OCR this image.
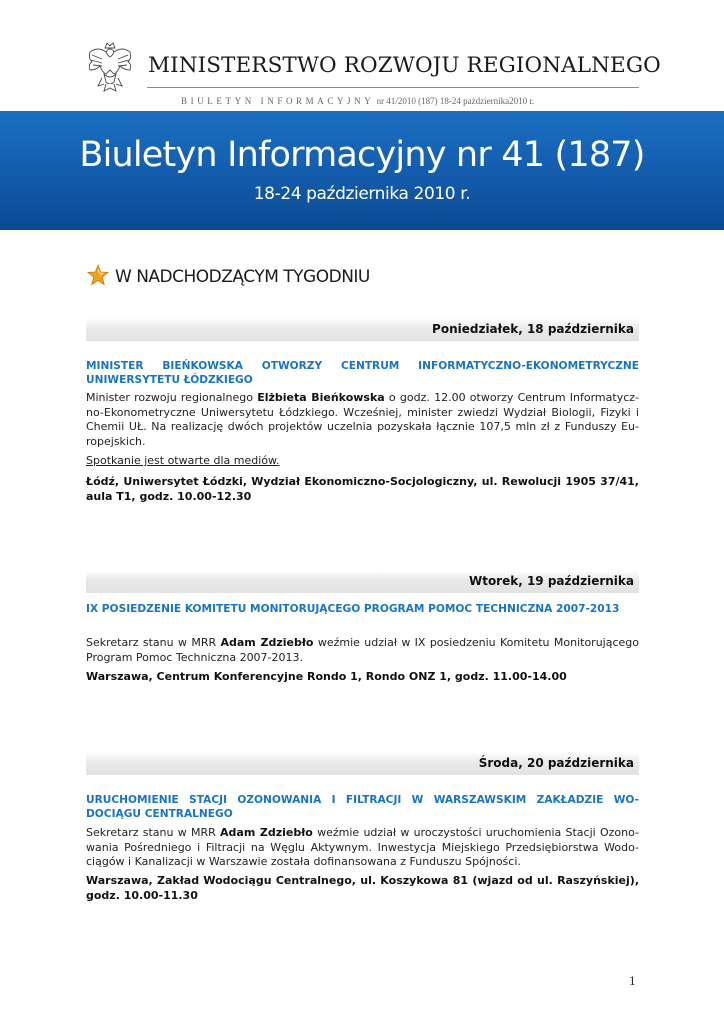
MINISTERSTWO ROZWOJU REGIONALNEGO
BIULETYN INFORMACYJNY nr 41/2010 (187) 18-24 października2010 r.
Biuletyn Informacyjny nr 41 (187)
18-24 października 2010 r.
W NADCHODZĄCYM TYGODNIU
Poniedziałek, 18 października
MINISTER BIEŃKOWSKA OTWORZY CENTRUM INFORMATYCZNO-EKONOMETRYCZNE UNIWERSYTETU ŁÓDZKIEGO

Minister rozwoju regionalnego Elżbieta Bieńkowska o godz. 12.00 otworzy Centrum Informatycz-no-Ekonometryczne Uniwersytetu Łódzkiego. Wcześniej, minister zwiedzi Wydział Biologii, Fizyki i Chemii UŁ. Na realizację dwóch projektów uczelnia pozyskała łącznie 107,5 mln zł z Funduszy Eu-ropejskich.

Spotkanie jest otwarte dla mediów.

Łódź, Uniwersytet Łódzki, Wydział Ekonomiczno-Socjologiczny, ul. Rewolucji 1905 37/41, aula T1, godz. 10.00-12.30

Wtorek, 19 października
IX POSIEDZENIE KOMITETU MONITORUJĄCEGO PROGRAM POMOC TECHNICZNA 2007-2013

Sekretarz stanu w MRR Adam Zdziebło weźmie udział w IX posiedzeniu Komitetu Monitorującego Program Pomoc Techniczna 2007-2013.

Warszawa, Centrum Konferencyjne Rondo 1, Rondo ONZ 1, godz. 11.00-14.00

Środa, 20 października
URUCHOMIENIE STACJI OZONOWANIA I FILTRACJI W WARSZAWSKIM ZAKŁADZIE WO-DOCIĄGU CENTRALNEGO

Sekretarz stanu w MRR Adam Zdziebło weźmie udział w uroczystości uruchomienia Stacji Ozono-wania Pośredniego i Filtracji na Węglu Aktywnym. Inwestycja Miejskiego Przedsiębiorstwa Wodo-ciągów i Kanalizacji w Warszawie została dofinansowana z Funduszu Spójności.

Warszawa, Zakład Wodociągu Centralnego, ul. Koszykowa 81 (wjazd od ul. Raszyńskiej), godz. 10.00-11.30

1
